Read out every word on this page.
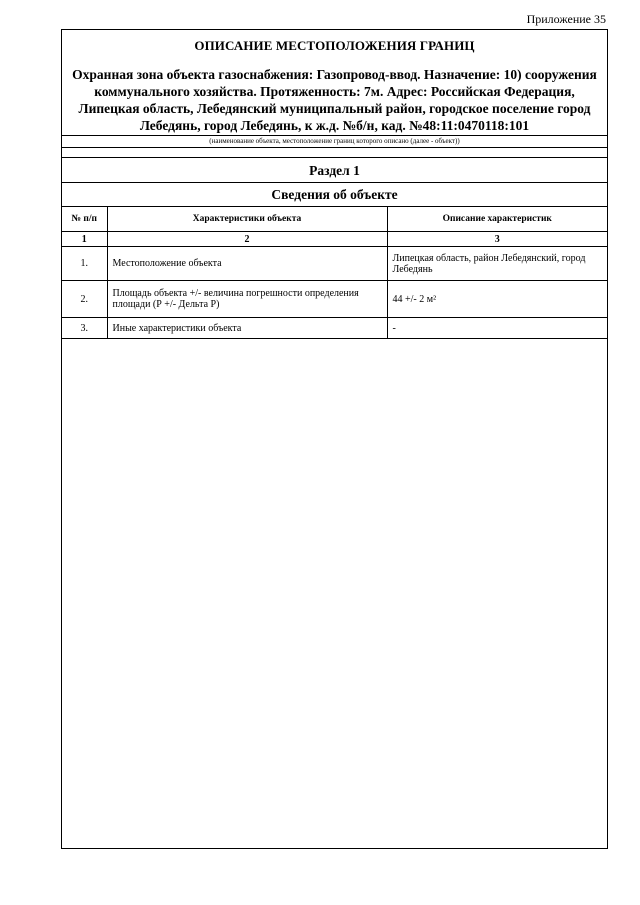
Приложение 35
ОПИСАНИЕ МЕСТОПОЛОЖЕНИЯ ГРАНИЦ
Охранная зона объекта газоснабжения: Газопровод-ввод. Назначение: 10) сооружения коммунального хозяйства. Протяженность: 7м. Адрес: Российская Федерация, Липецкая область, Лебедянский муниципальный район, городское поселение город Лебедянь, город Лебедянь, к ж.д. №б/н, кад. №48:11:0470118:101
(наименование объекта, местоположение границ которого описано (далее - объект))
Раздел 1
Сведения об объекте
№ п/п	Характеристики объекта	Описание характеристик
1	2	3
1.	Местоположение объекта	Липецкая область, район Лебедянский, город Лебедянь
2.	Площадь объекта +/- величина погрешности определения площади (Р +/- Дельта Р)	44 +/- 2 м²
3.	Иные характеристики объекта	-
